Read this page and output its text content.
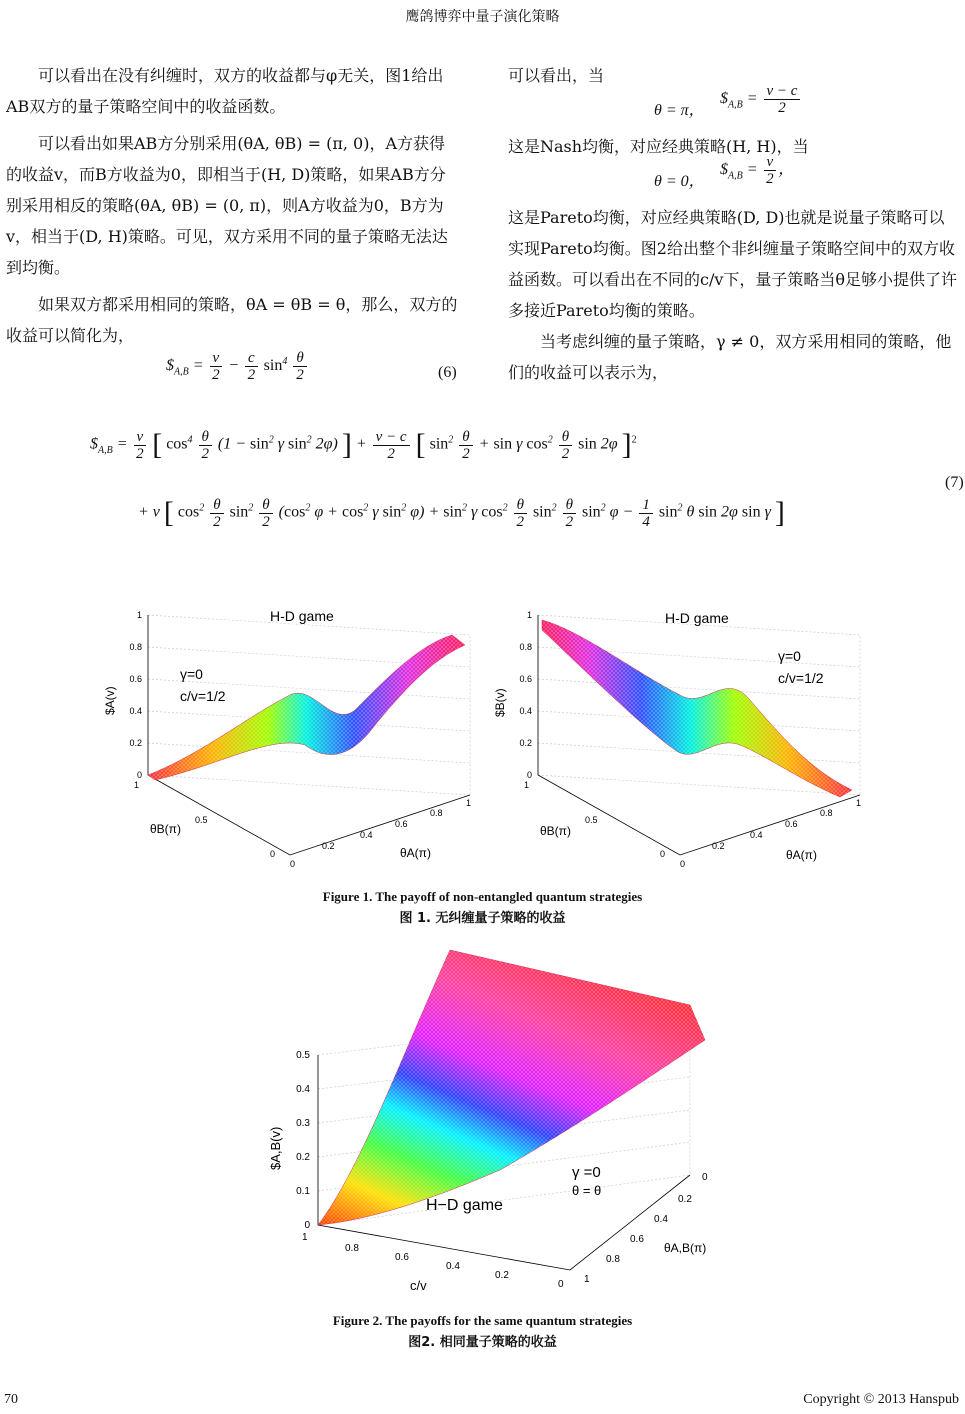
鹰鸽博弈中量子演化策略

可以看出在没有纠缠时，双方的收益都与φ无关，图1给出AB双方的量子策略空间中的收益函数。

可以看出如果AB方分别采用(θA, θB) = (π, 0)，A方获得的收益v，而B方收益为0，即相当于(H, D)策略，如果AB方分别采用相反的策略(θA, θB) = (0, π)，则A方收益为0，B方为v，相当于(D, H)策略。可见，双方采用不同的量子策略无法达到均衡。

如果双方都采用相同的策略，θA = θB = θ，那么，双方的收益可以简化为，

$\$_{A,B} = \frac{v}{2} - \frac{c}{2} \sin^4 \frac{\theta}{2}$	(6)

可以看出，当

θ = π，
$\$_{A,B} = \frac{v - c}{2}$

这是Nash均衡，对应经典策略(H, H)，当

θ = 0，
$\$_{A,B} = \frac{v}{2}$ ，

这是Pareto均衡，对应经典策略(D, D)也就是说量子策略可以实现Pareto均衡。图2给出整个非纠缠量子策略空间中的双方收益函数。可以看出在不同的c/v下，量子策略当θ足够小提供了许多接近Pareto均衡的策略。

当考虑纠缠的量子策略，γ ≠ 0，双方采用相同的策略，他们的收益可以表示为，

$\$_{A,B} = \frac{v}{2}$ [ $\cos^4 \frac{\theta}{2} (1 - \sin^2 \gamma$ $\sin^2 2\varphi$) ] + $\frac{v - c}{2}$ [ $\sin^2 \frac{\theta}{2} + \sin \gamma$ $\cos^2 \frac{\theta}{2}$ sin 2φ ]$^2$
+ v [ $\cos^2 \frac{\theta}{2} \sin^2 \frac{\theta}{2} (\cos^2$ $\varphi + \cos^2 \gamma$ $\sin^2 \varphi) + \sin^2 \gamma$ $\cos^2 \frac{\theta}{2} \sin^2 \frac{\theta}{2} \sin^2 \varphi - \frac{1}{4} \sin^2 \theta$ sin 2φ sin γ ]
(7)
0
0.2
0.4
0.6
0.8
1
0
0.2
0.4
0.6
0.8
1
0
0.5
1
H-D game
γ=0
c/v=1/2
$A(v)
θA(π)
θB(π)
0
0.2
0.4
0.6
0.8
1
0
0.2
0.4
0.6
0.8
1
0
0.5
1
H-D game
γ=0
c/v=1/2
$B(v)
θA(π)
θB(π)
Figure 1. The payoff of non-entangled quantum strategies
图 1. 无纠缠量子策略的收益
0
0.1
0.2
0.3
0.4
0.5
1
0.8
0.6
0.4
0.2
0
0
0.2
0.4
0.6
0.8
1
H−D game
γ =0
θ = θ
$A,B(v)
c/v
θA,B(π)
Figure 2. The payoffs for the same quantum strategies
图2. 相同量子策略的收益
70	Copyright © 2013 Hanspub
